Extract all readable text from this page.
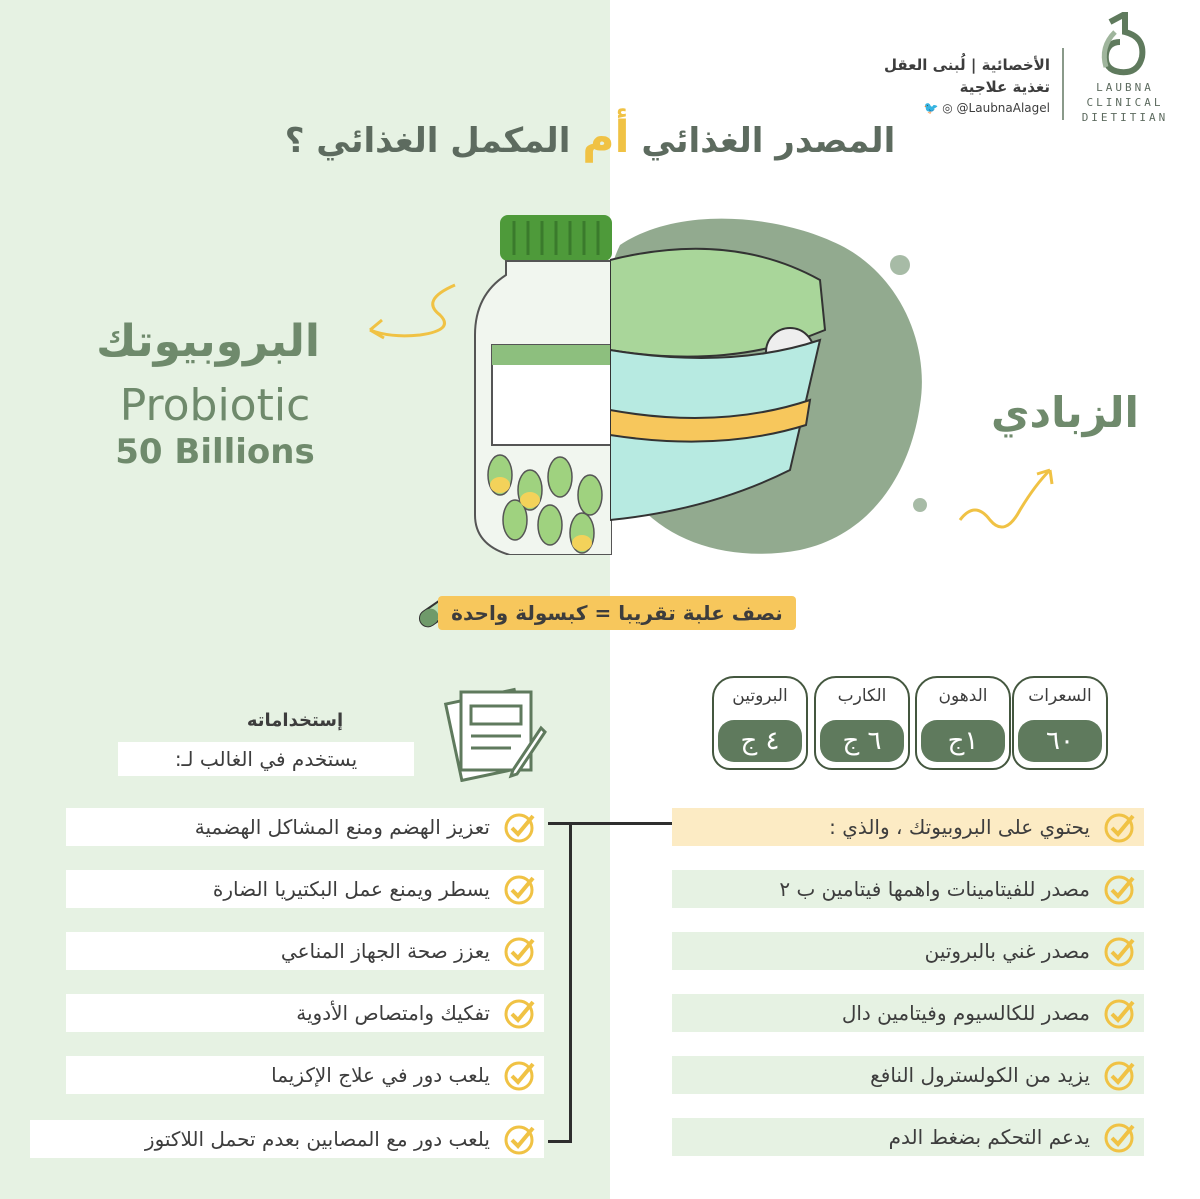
LAUBNA
CLINICAL
DIETITIAN
الأخصائية | لُبنى العقل
تغذية علاجية
🐦 ◎ @LaubnaAlagel
المصدر الغذائي أم المكمل الغذائي ؟
البروبيوتك
Probiotic
50 Billions
الزبادي
نصف علبة تقريبا = كبسولة واحدة
السعرات
٦٠
الدهون
١ج
الكارب
٦ ج
البروتين
٤ ج
إستخداماته
يستخدم في الغالب لـ:
تعزيز الهضم ومنع المشاكل الهضمية
يسطر ويمنع عمل البكتيريا الضارة
يعزز صحة الجهاز المناعي
تفكيك وامتصاص الأدوية
يلعب دور في علاج الإكزيما
يلعب دور مع المصابين بعدم تحمل اللاكتوز
يحتوي على البروبيوتك ، والذي :
مصدر للفيتامينات واهمها فيتامين ب ٢
مصدر غني بالبروتين
مصدر للكالسيوم وفيتامين دال
يزيد من الكولسترول النافع
يدعم التحكم بضغط الدم
